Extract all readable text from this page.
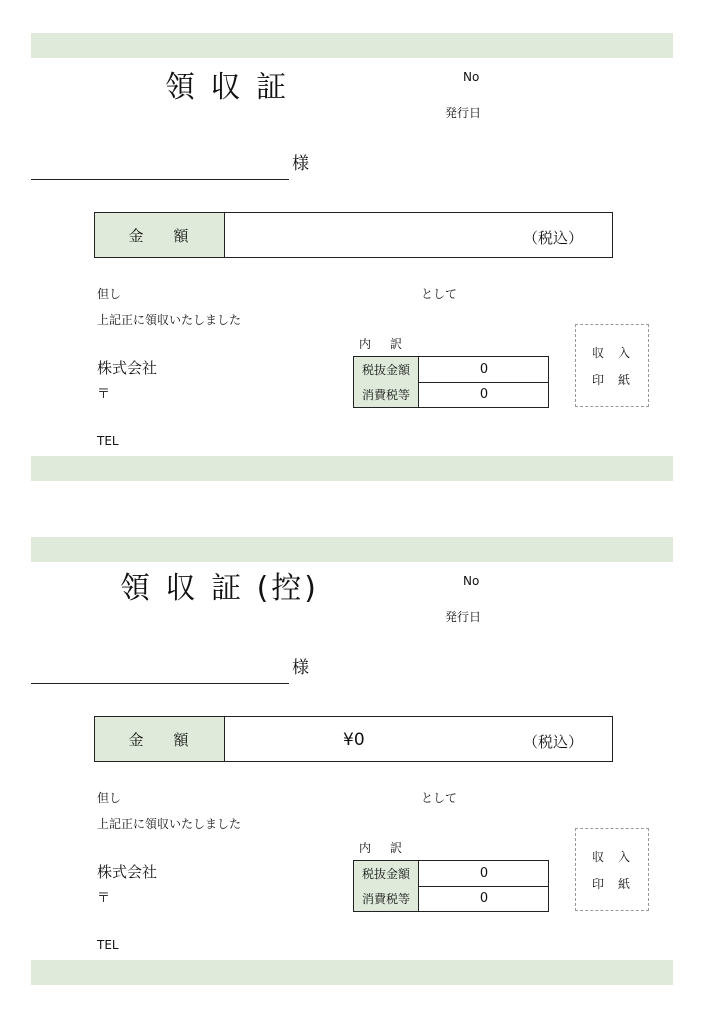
領 収 証	No
発行日
様
金 額	（税込）
但し	として
上記正に領収いたしました
内 訳
株式会社
〒
TEL
税抜金額	0
消費税等	0
収入
印紙
領 収 証 (控)	No
発行日
様
金 額	¥0	（税込）
但し	として
上記正に領収いたしました
内 訳
株式会社
〒
TEL
税抜金額	0
消費税等	0
収入
印紙
